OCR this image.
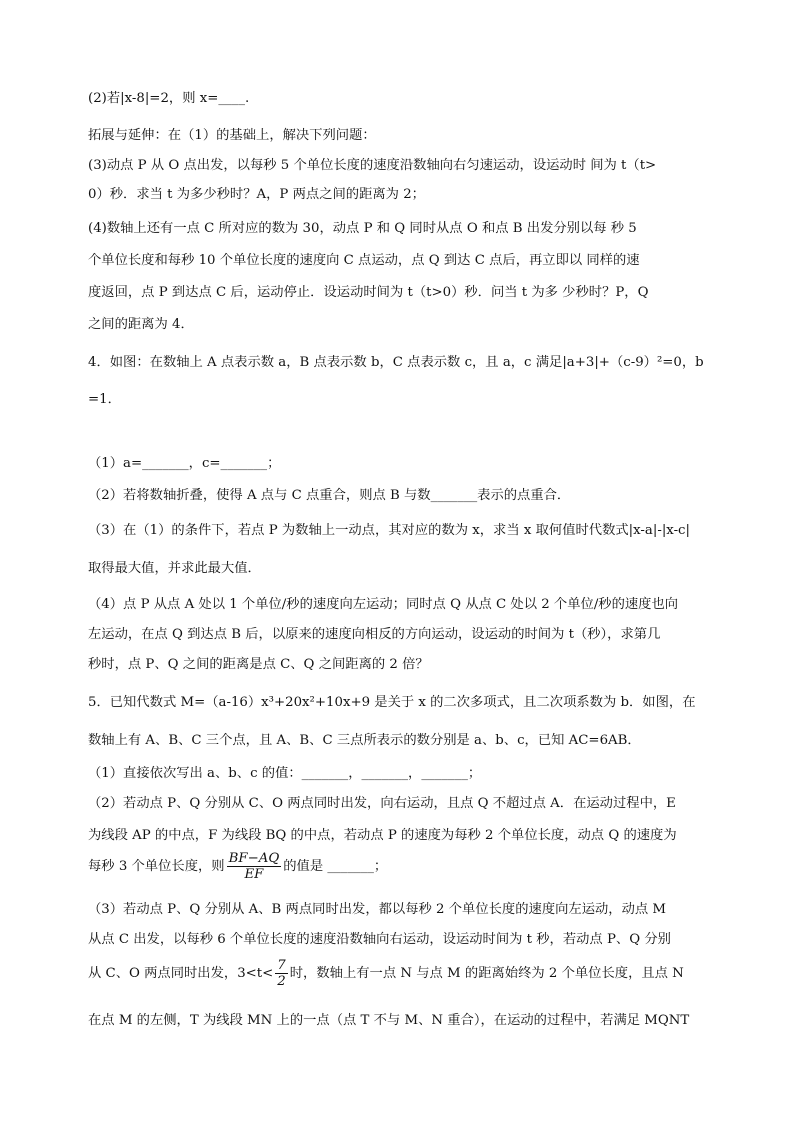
(2)若|x-8|=2，则 x=____.
拓展与延伸：在（1）的基础上，解决下列问题：
(3)动点 P 从 O 点出发，以每秒 5 个单位长度的速度沿数轴向右匀速运动，设运动时 间为 t（t>
0）秒．求当 t 为多少秒时？A，P 两点之间的距离为 2；
(4)数轴上还有一点 C 所对应的数为 30，动点 P 和 Q 同时从点 O 和点 B 出发分别以每 秒 5
个单位长度和每秒 10 个单位长度的速度向 C 点运动，点 Q 到达 C 点后，再立即以 同样的速
度返回，点 P 到达点 C 后，运动停止．设运动时间为 t（t>0）秒．问当 t 为多 少秒时？P，Q
之间的距离为 4．
4．如图：在数轴上 A 点表示数 a，B 点表示数 b，C 点表示数 c，且 a，c 满足|a+3|+（c-9）²=0，b
=1．
（1）a=_______，c=_______；
（2）若将数轴折叠，使得 A 点与 C 点重合，则点 B 与数_______表示的点重合．
（3）在（1）的条件下，若点 P 为数轴上一动点，其对应的数为 x，求当 x 取何值时代数式|x-a|-|x-c|
取得最大值，并求此最大值．
（4）点 P 从点 A 处以 1 个单位/秒的速度向左运动；同时点 Q 从点 C 处以 2 个单位/秒的速度也向
左运动，在点 Q 到达点 B 后，以原来的速度向相反的方向运动，设运动的时间为 t（秒），求第几
秒时，点 P、Q 之间的距离是点 C、Q 之间距离的 2 倍？
5．已知代数式 M=（a-16）x³+20x²+10x+9 是关于 x 的二次多项式，且二次项系数为 b．如图，在
数轴上有 A、B、C 三个点，且 A、B、C 三点所表示的数分别是 a、b、c，已知 AC=6AB．
（1）直接依次写出 a、b、c 的值：_______，_______，_______；
（2）若动点 P、Q 分别从 C、O 两点同时出发，向右运动，且点 Q 不超过点 A．在运动过程中，E
为线段 AP 的中点，F 为线段 BQ 的中点，若动点 P 的速度为每秒 2 个单位长度，动点 Q 的速度为
每秒 3 个单位长度，则 $\frac{BF-AQ}{EF}$ 的值是 _______；
（3）若动点 P、Q 分别从 A、B 两点同时出发，都以每秒 2 个单位长度的速度向左运动，动点 M
从点 C 出发，以每秒 6 个单位长度的速度沿数轴向右运动，设运动时间为 t 秒，若动点 P、Q 分别
从 C、O 两点同时出发，$3<t< \frac{7}{2}$ 时，数轴上有一点 N 与点 M 的距离始终为 2 个单位长度，且点 N
在点 M 的左侧，T 为线段 MN 上的一点（点 T 不与 M、N 重合），在运动的过程中，若满足 MQNT
